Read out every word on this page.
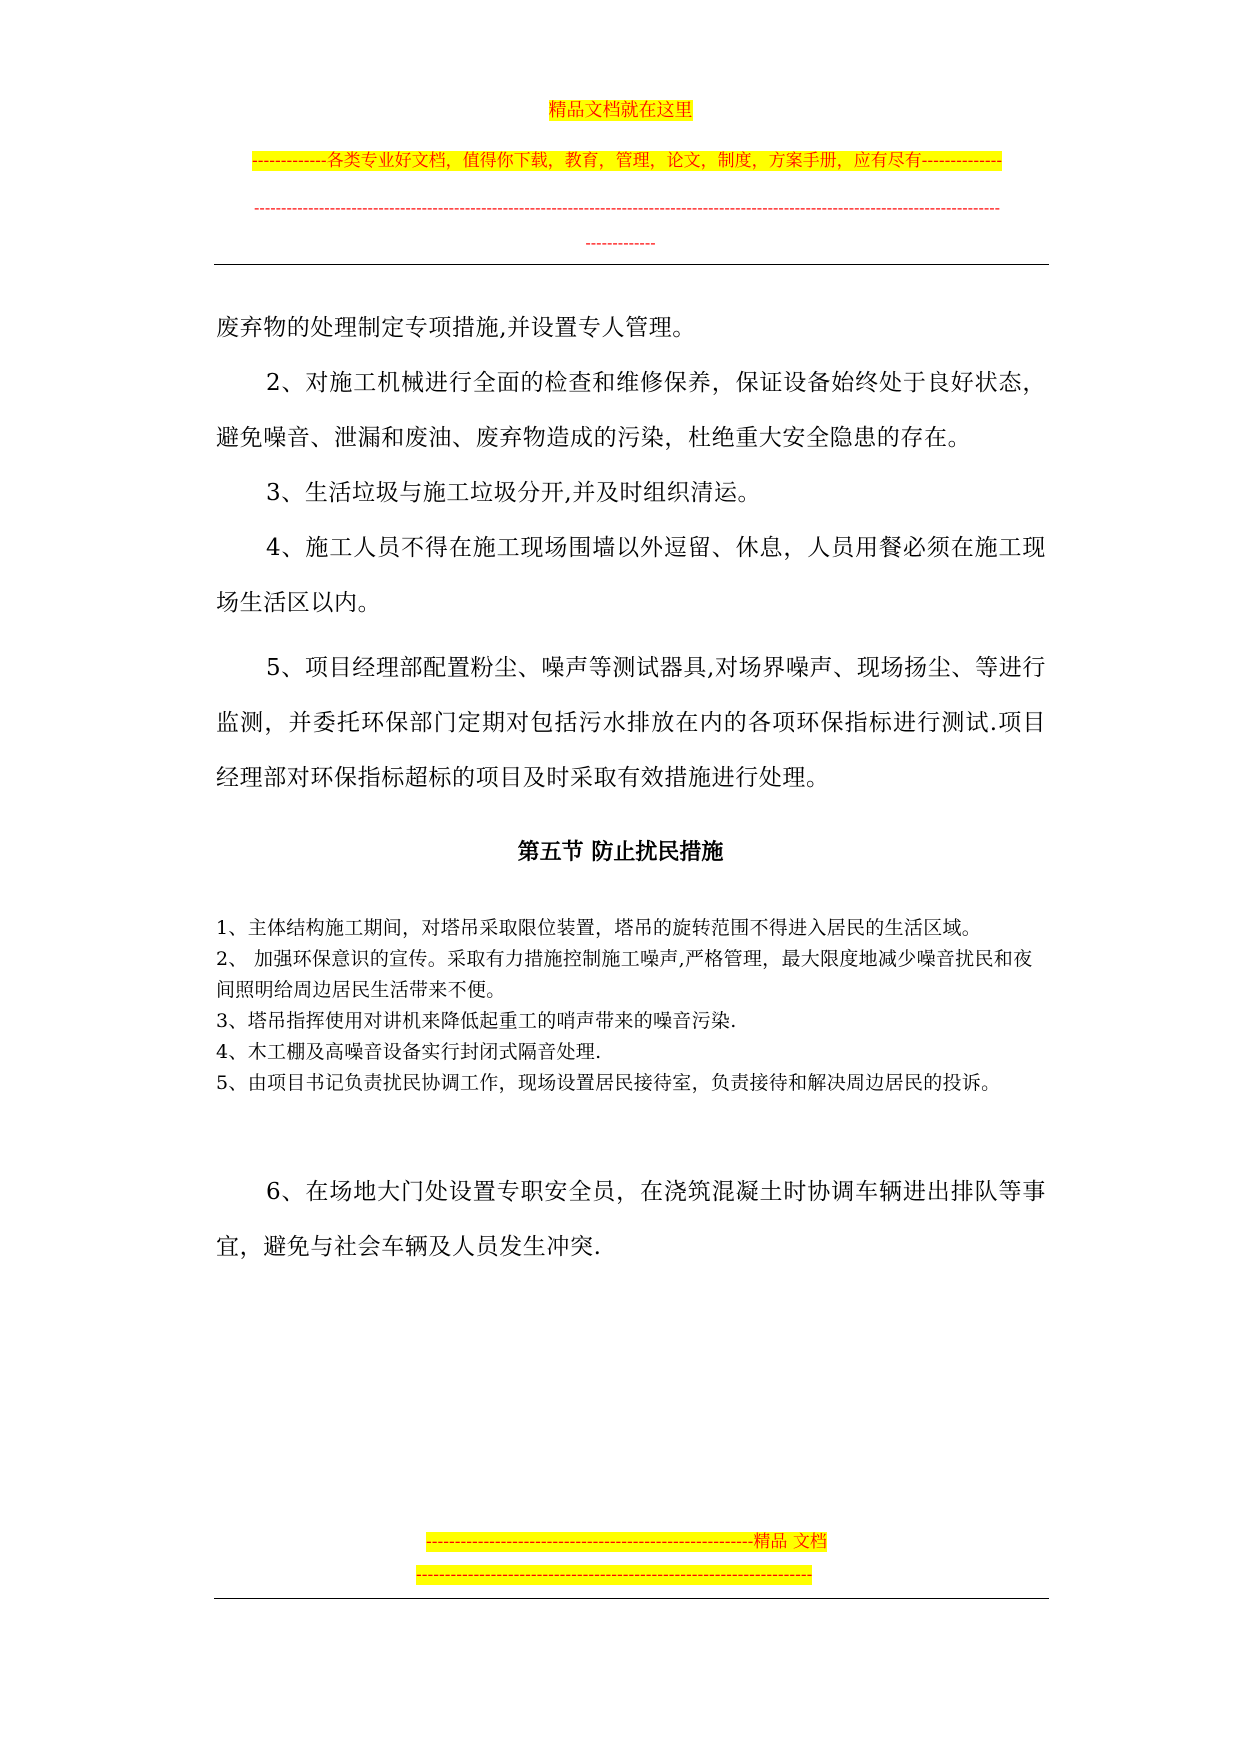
精品文档就在这里
-------------各类专业好文档，值得你下载，教育，管理，论文，制度，方案手册，应有尽有--------------
------------------------------------------------------------------------------------------------------------------------------------------
-------------

废弃物的处理制定专项措施,并设置专人管理。

2、对施工机械进行全面的检查和维修保养，保证设备始终处于良好状态，避免噪音、泄漏和废油、废弃物造成的污染，杜绝重大安全隐患的存在。

3、生活垃圾与施工垃圾分开,并及时组织清运。

4、施工人员不得在施工现场围墙以外逗留、休息，人员用餐必须在施工现场生活区以内。

5、项目经理部配置粉尘、噪声等测试器具,对场界噪声、现场扬尘、等进行监测，并委托环保部门定期对包括污水排放在内的各项环保指标进行测试.项目经理部对环保指标超标的项目及时采取有效措施进行处理。

第五节 防止扰民措施

1、主体结构施工期间，对塔吊采取限位装置，塔吊的旋转范围不得进入居民的生活区域。

2、 加强环保意识的宣传。采取有力措施控制施工噪声,严格管理，最大限度地减少噪音扰民和夜间照明给周边居民生活带来不便。

3、塔吊指挥使用对讲机来降低起重工的哨声带来的噪音污染.

4、木工棚及高噪音设备实行封闭式隔音处理.

5、由项目书记负责扰民协调工作，现场设置居民接待室，负责接待和解决周边居民的投诉。

6、在场地大门处设置专职安全员，在浇筑混凝土时协调车辆进出排队等事宜，避免与社会车辆及人员发生冲突.

---------------------------------------------------------精品 文档
---------------------------------------------------------------------
